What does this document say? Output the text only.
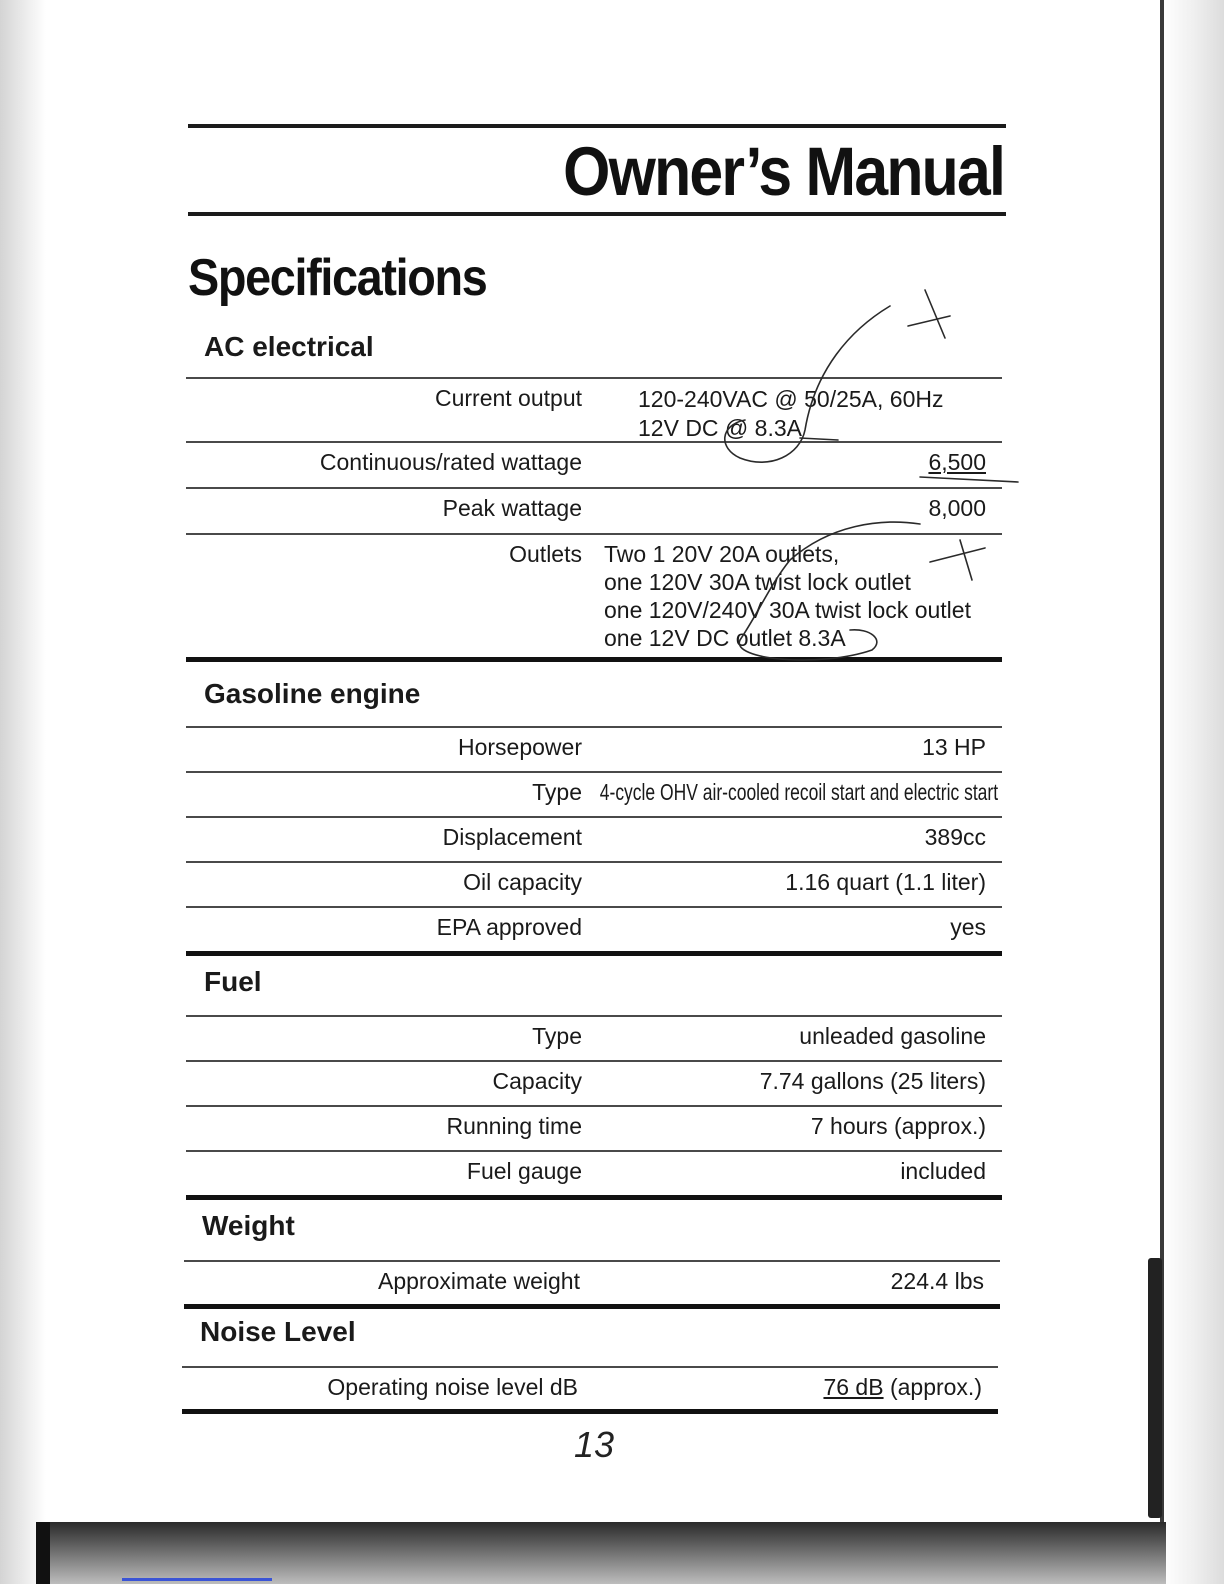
Owner’s Manual
Specifications
AC electrical
Current output 120-240VAC @ 50/25A, 60Hz
12V DC @ 8.3A
Continuous/rated wattage	6,500
Peak wattage	8,000
Outlets Two 1 20V 20A outlets,
one 120V 30A twist lock outlet
one 120V/240V 30A twist lock outlet
one 12V DC outlet 8.3A
Gasoline engine
Horsepower	13 HP
Type 4-cycle OHV air-cooled recoil start and electric start
Displacement	389cc
Oil capacity	1.16 quart (1.1 liter)
EPA approved	yes
Fuel
Type	unleaded gasoline
Capacity	7.74 gallons (25 liters)
Running time	7 hours (approx.)
Fuel gauge	included
Weight
Approximate weight	224.4 lbs
Noise Level
Operating noise level dB	76 dB (approx.)
13
